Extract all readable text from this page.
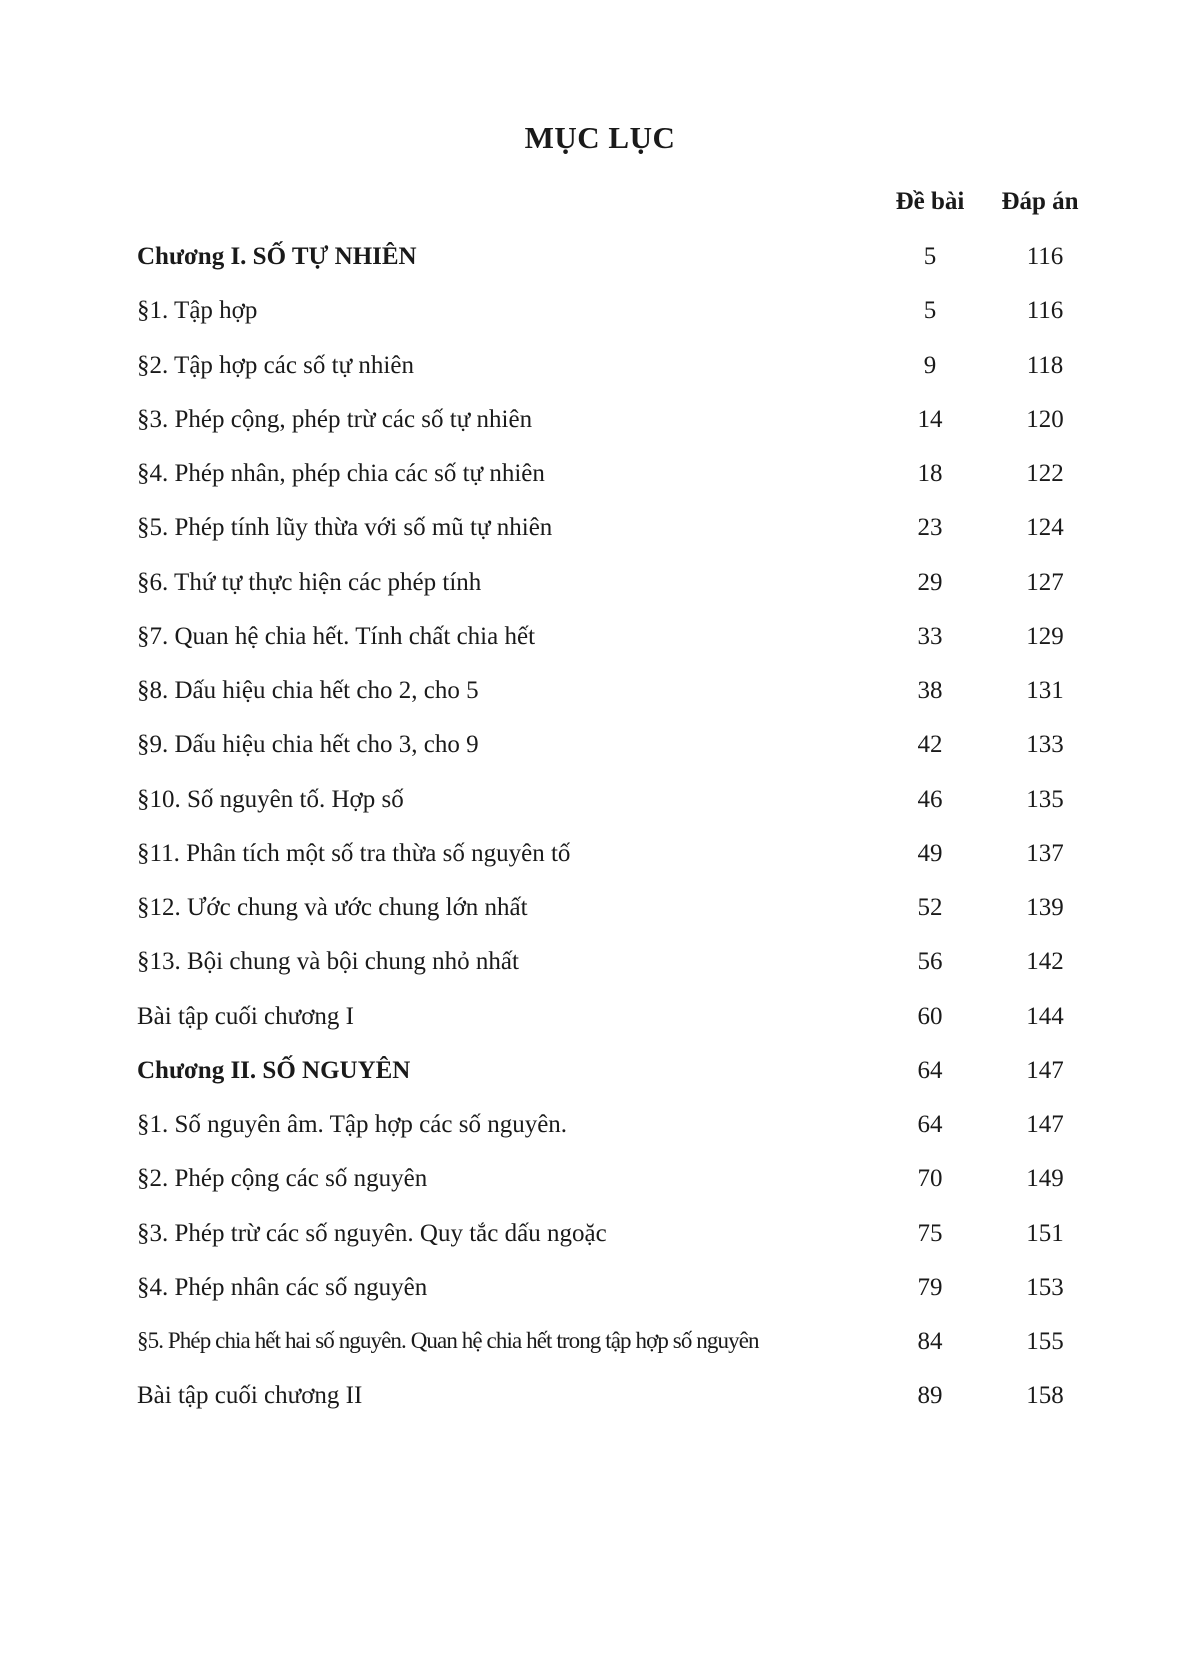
MỤC LỤC
Đề bài	Đáp án
Chương I. SỐ TỰ NHIÊN	5	116
§1. Tập hợp	5	116
§2. Tập hợp các số tự nhiên	9	118
§3. Phép cộng, phép trừ các số tự nhiên	14	120
§4. Phép nhân, phép chia các số tự nhiên	18	122
§5. Phép tính lũy thừa với số mũ tự nhiên	23	124
§6. Thứ tự thực hiện các phép tính	29	127
§7. Quan hệ chia hết. Tính chất chia hết	33	129
§8. Dấu hiệu chia hết cho 2, cho 5	38	131
§9. Dấu hiệu chia hết cho 3, cho 9	42	133
§10. Số nguyên tố. Hợp số	46	135
§11. Phân tích một số tra thừa số nguyên tố	49	137
§12. Ước chung và ước chung lớn nhất	52	139
§13. Bội chung và bội chung nhỏ nhất	56	142
Bài tập cuối chương I	60	144
Chương II. SỐ NGUYÊN	64	147
§1. Số nguyên âm. Tập hợp các số nguyên.	64	147
§2. Phép cộng các số nguyên	70	149
§3. Phép trừ các số nguyên. Quy tắc dấu ngoặc	75	151
§4. Phép nhân các số nguyên	79	153
§5. Phép chia hết hai số nguyên. Quan hệ chia hết trong tập hợp số nguyên	84	155
Bài tập cuối chương II	89	158
